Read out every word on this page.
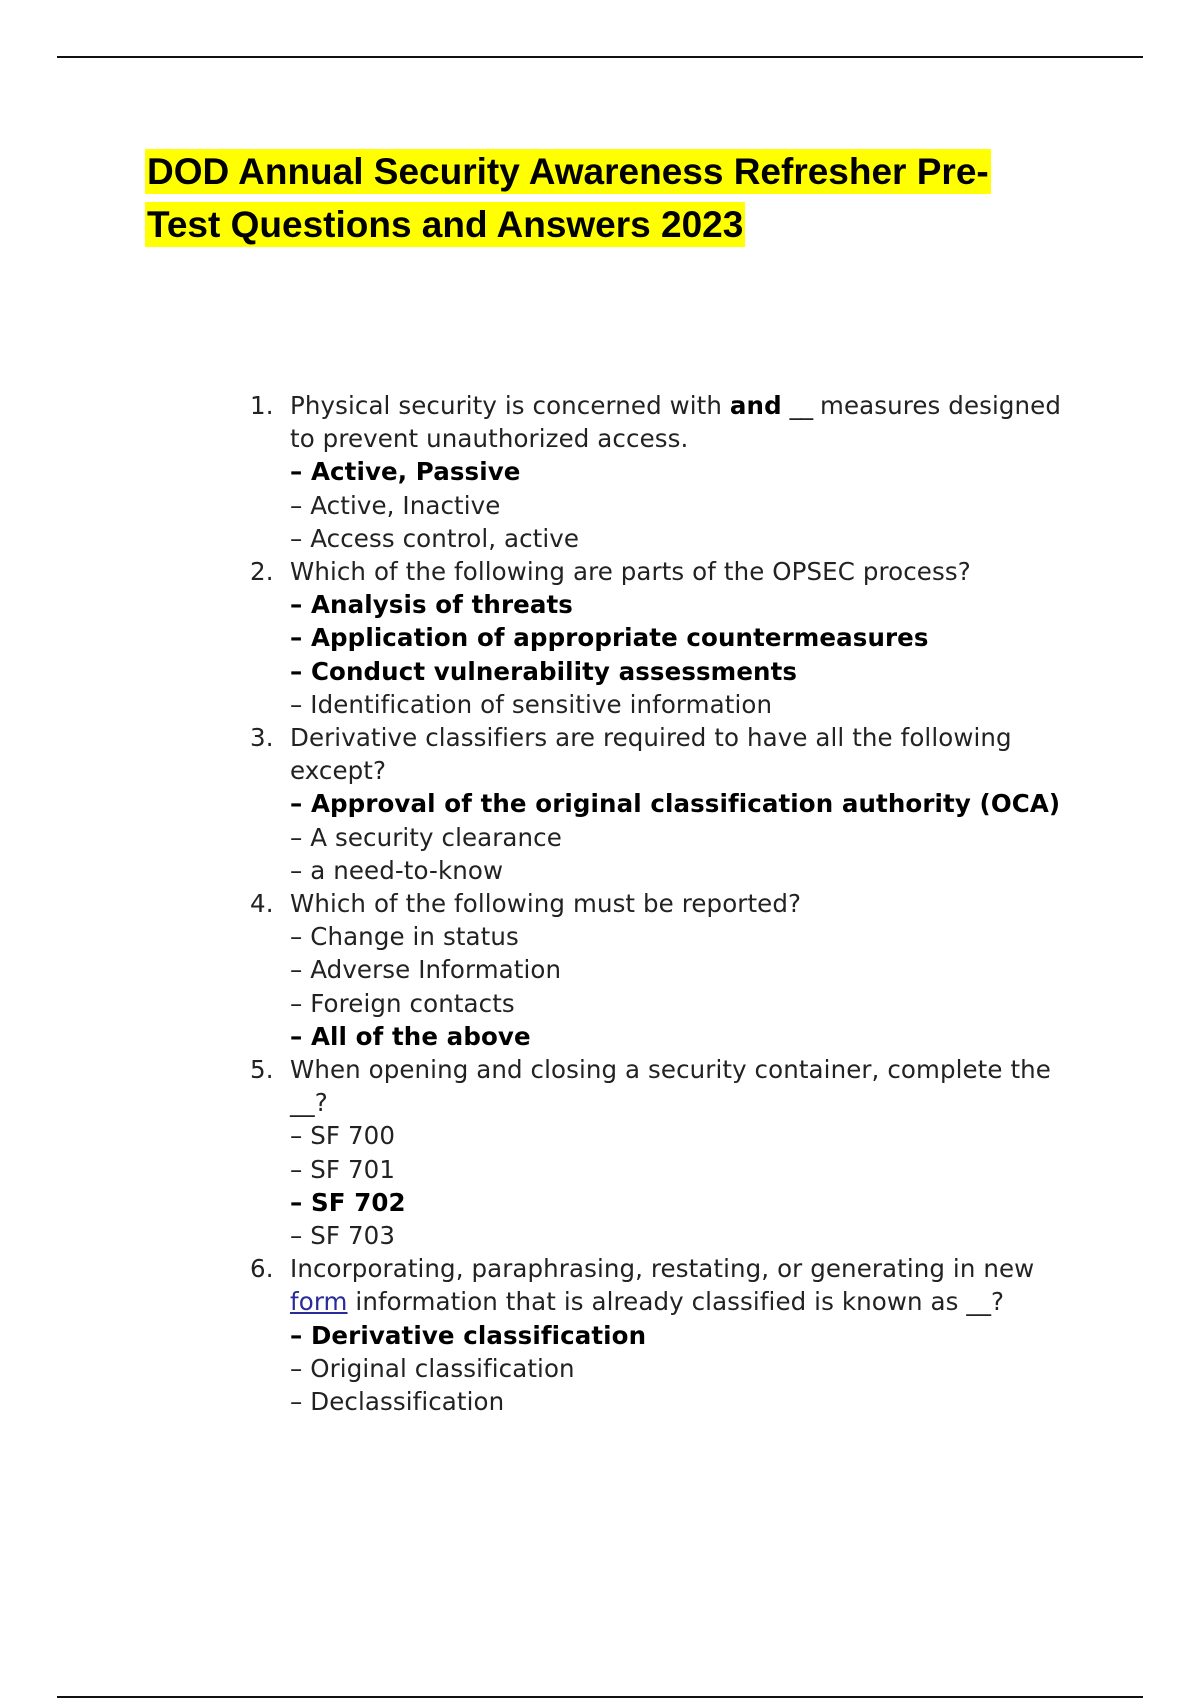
DOD Annual Security Awareness Refresher Pre-Test Questions and Answers 2023
1. Physical security is concerned with and __ measures designed to prevent unauthorized access.
– Active, Passive
– Active, Inactive
– Access control, active
2. Which of the following are parts of the OPSEC process?
– Analysis of threats
– Application of appropriate countermeasures
– Conduct vulnerability assessments
– Identification of sensitive information
3. Derivative classifiers are required to have all the following except?
– Approval of the original classification authority (OCA)
– A security clearance
– a need-to-know
4. Which of the following must be reported?
– Change in status
– Adverse Information
– Foreign contacts
– All of the above
5. When opening and closing a security container, complete the __?
– SF 700
– SF 701
– SF 702
– SF 703
6. Incorporating, paraphrasing, restating, or generating in new form information that is already classified is known as __?
– Derivative classification
– Original classification
– Declassification
